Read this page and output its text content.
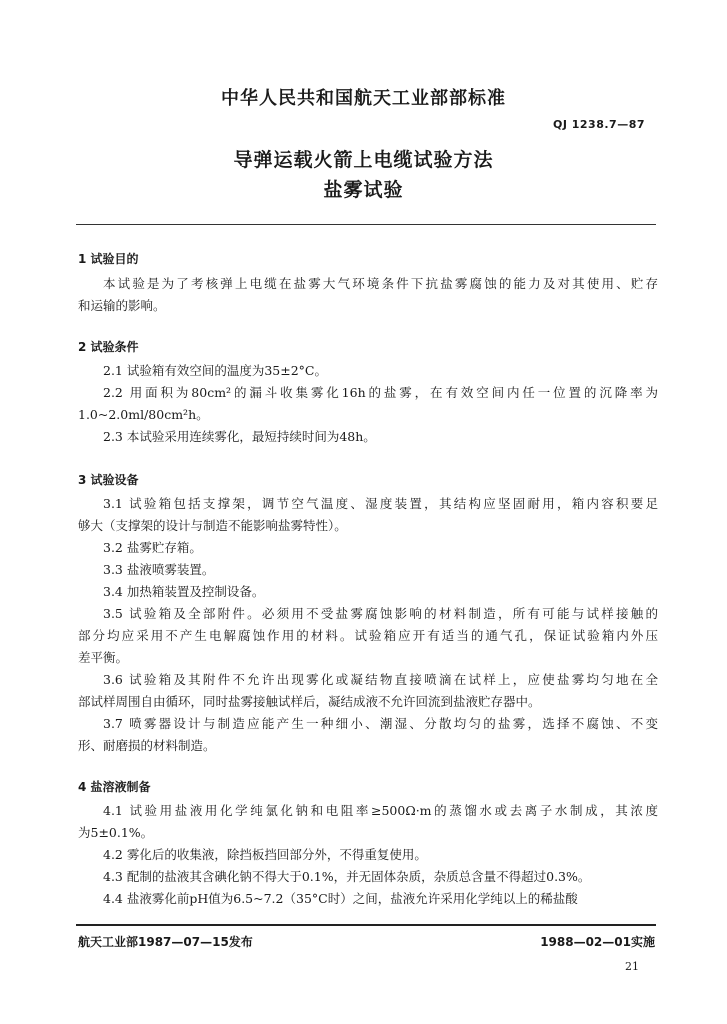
中华人民共和国航天工业部部标准
QJ 1238.7—87
导弹运载火箭上电缆试验方法
盐雾试验
1 试验目的

本试验是为了考核弹上电缆在盐雾大气环境条件下抗盐雾腐蚀的能力及对其使用、贮存

和运输的影响。

2 试验条件

2.1 试验箱有效空间的温度为35±2°C。

2.2 用面积为80cm²的漏斗收集雾化16h的盐雾，在有效空间内任一位置的沉降率为

1.0~2.0ml/80cm²h。

2.3 本试验采用连续雾化，最短持续时间为48h。

3 试验设备

3.1 试验箱包括支撑架，调节空气温度、湿度装置，其结构应坚固耐用，箱内容积要足

够大（支撑架的设计与制造不能影响盐雾特性）。

3.2 盐雾贮存箱。

3.3 盐液喷雾装置。

3.4 加热箱装置及控制设备。

3.5 试验箱及全部附件。必须用不受盐雾腐蚀影响的材料制造，所有可能与试样接触的

部分均应采用不产生电解腐蚀作用的材料。试验箱应开有适当的通气孔，保证试验箱内外压

差平衡。

3.6 试验箱及其附件不允许出现雾化或凝结物直接喷滴在试样上，应使盐雾均匀地在全

部试样周围自由循环，同时盐雾接触试样后，凝结成液不允许回流到盐液贮存器中。

3.7 喷雾器设计与制造应能产生一种细小、潮湿、分散均匀的盐雾，选择不腐蚀、不变

形、耐磨损的材料制造。

4 盐溶液制备

4.1 试验用盐液用化学纯氯化钠和电阻率≥500Ω·m的蒸馏水或去离子水制成，其浓度

为5±0.1%。

4.2 雾化后的收集液，除挡板挡回部分外，不得重复使用。

4.3 配制的盐液其含碘化钠不得大于0.1%，并无固体杂质，杂质总含量不得超过0.3%。

4.4 盐液雾化前pH值为6.5~7.2（35°C时）之间，盐液允许采用化学纯以上的稀盐酸

航天工业部1987—07—15发布	1988—02—01实施
21
